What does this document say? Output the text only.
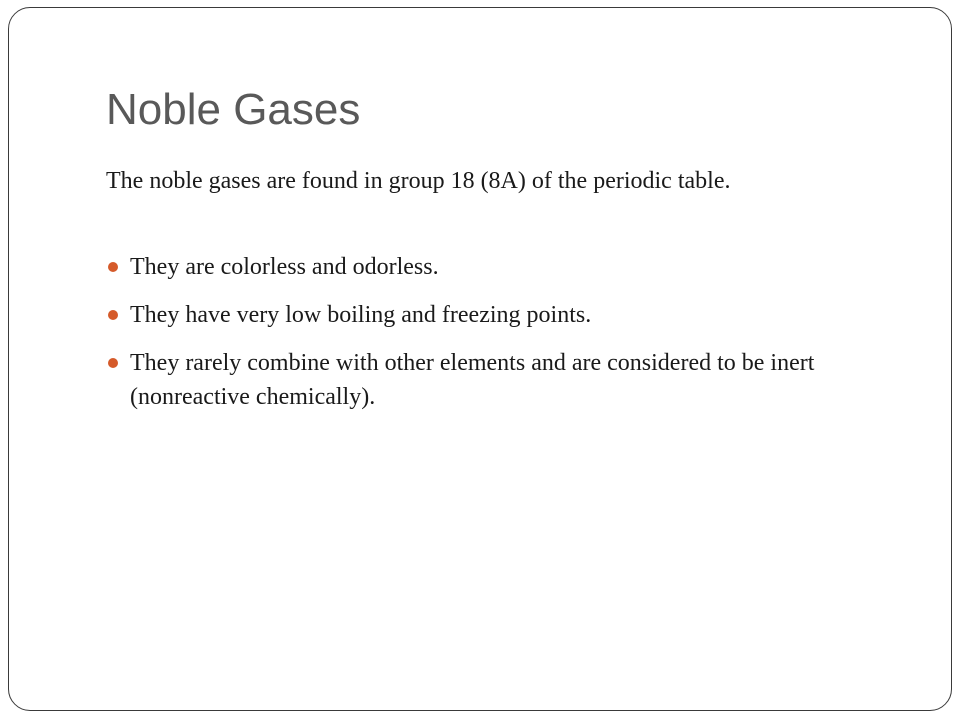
Noble Gases

The noble gases are found in group 18 (8A) of the periodic table.

They are colorless and odorless.
They have very low boiling and freezing points.
They rarely combine with other elements and are considered to be inert (nonreactive chemically).
